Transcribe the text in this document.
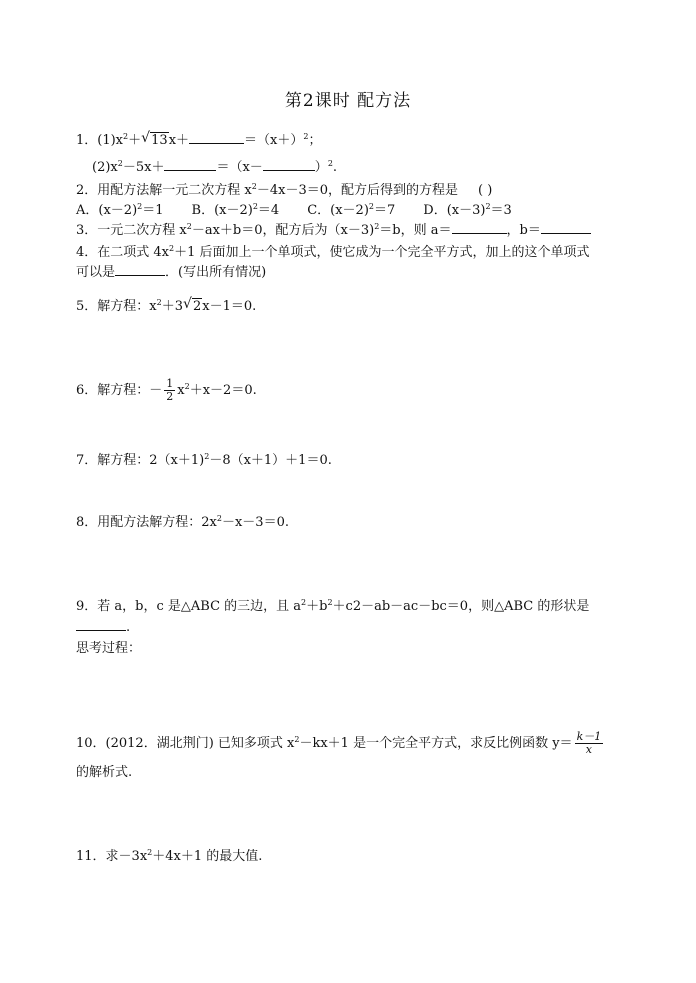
第2课时 配方法
1．$(1)x^2+$ √ 13x＋	$=(x+)^2$；
$(2)x^2-5x+$	＝（x－	）$^2$.
2．用配方法解一元二次方程 $x^2-4x-3=0$，配方后得到的方程是 ( )
A．$(x-2)^2=1$ B．$(x-2)^2=4$ C．$(x-2)^2=7$ D．$(x-3)^2=3$
3．一元二次方程 $x^2-ax+b=0$，配方后为（x－3)$^2$＝b，则 a＝	，b＝
4．在二项式 $4x^2+1$ 后面加上一个单项式，使它成为一个完全平方式，加上的这个单项式
可以是	．(写出所有情况)
5．解方程：$x^2+3$ √ 2x－1＝0.
6．解方程：－ $\frac{1}{2} x^2+x-2=0$.
7．解方程：2（x＋1)$^2$－8（x＋1）＋1＝0.
8．用配方法解方程：$2x^2-x-3=0$.
9．若 a，b，c 是△ABC 的三边，且 $a^2+b^2+c2-ab-ac-bc=0$，则△ABC 的形状是
.
思考过程：
10．(2012．湖北荆门) 已知多项式 $x^2-kx+1$ 是一个完全平方式，求反比例函数 $y= \frac{k-1}{x}$
的解析式.
11．求$-3x^2+4x+1$ 的最大值.
